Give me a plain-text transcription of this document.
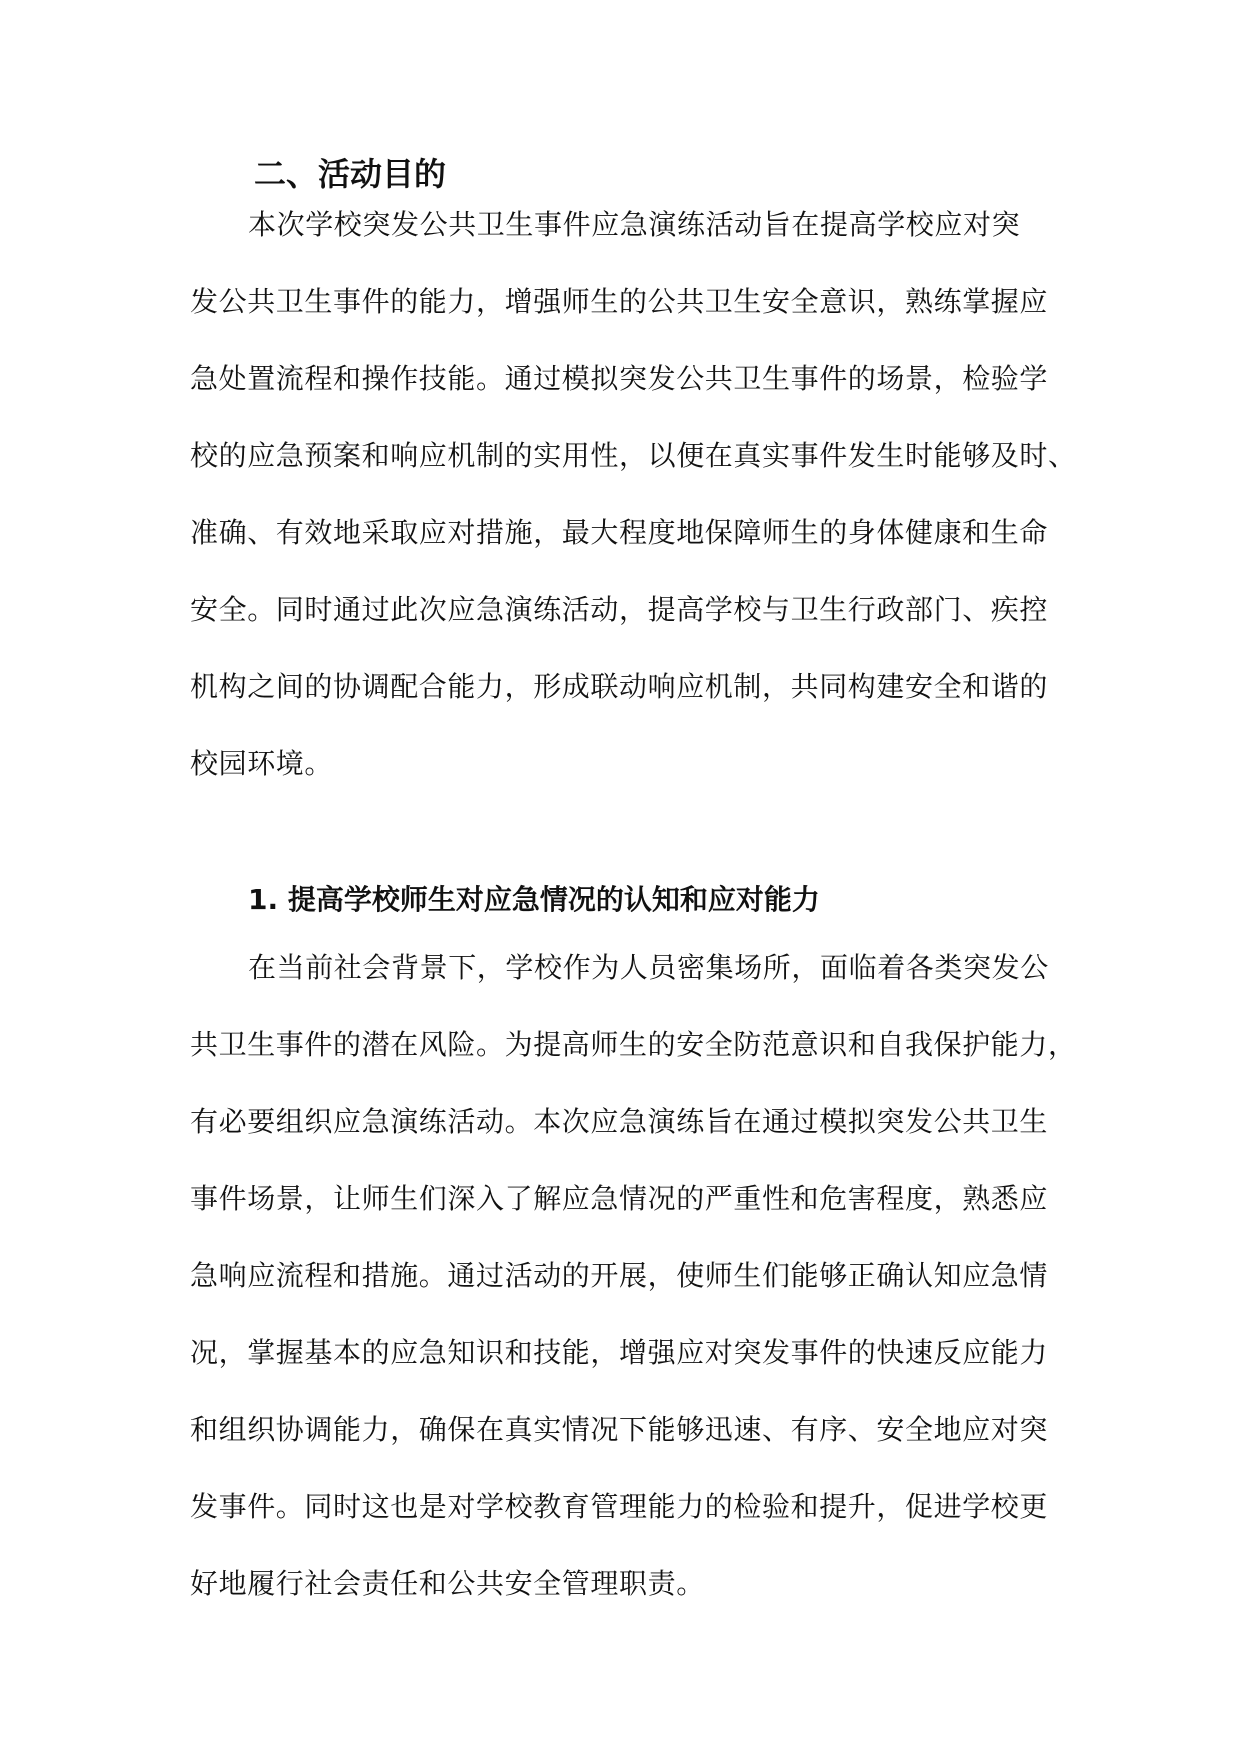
二、活动目的
本次学校突发公共卫生事件应急演练活动旨在提高学校应对突
发公共卫生事件的能力，增强师生的公共卫生安全意识，熟练掌握应
急处置流程和操作技能。通过模拟突发公共卫生事件的场景，检验学
校的应急预案和响应机制的实用性，以便在真实事件发生时能够及时、
准确、有效地采取应对措施，最大程度地保障师生的身体健康和生命
安全。同时通过此次应急演练活动，提高学校与卫生行政部门、疾控
机构之间的协调配合能力，形成联动响应机制，共同构建安全和谐的
校园环境。
1. 提高学校师生对应急情况的认知和应对能力
在当前社会背景下，学校作为人员密集场所，面临着各类突发公
共卫生事件的潜在风险。为提高师生的安全防范意识和自我保护能力，
有必要组织应急演练活动。本次应急演练旨在通过模拟突发公共卫生
事件场景，让师生们深入了解应急情况的严重性和危害程度，熟悉应
急响应流程和措施。通过活动的开展，使师生们能够正确认知应急情
况，掌握基本的应急知识和技能，增强应对突发事件的快速反应能力
和组织协调能力，确保在真实情况下能够迅速、有序、安全地应对突
发事件。同时这也是对学校教育管理能力的检验和提升，促进学校更
好地履行社会责任和公共安全管理职责。
